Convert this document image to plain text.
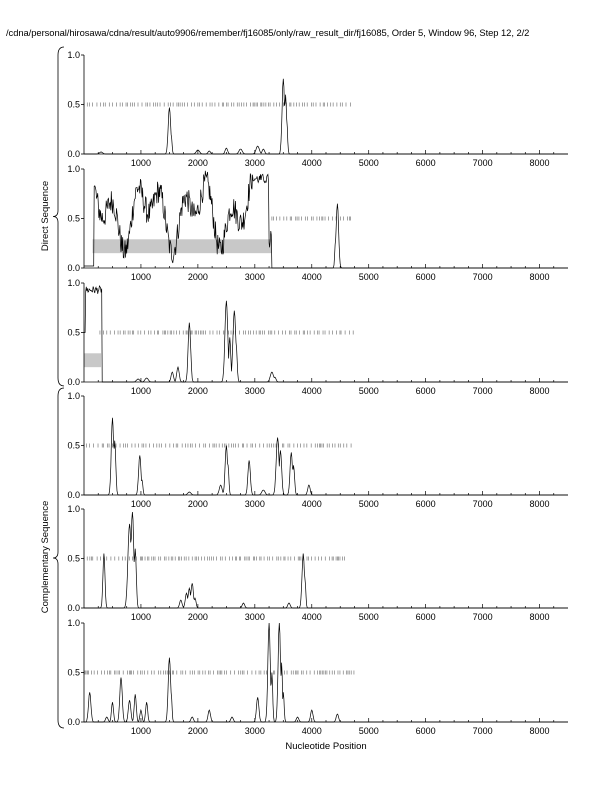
/cdna/personal/hirosawa/cdna/result/auto9906/remember/fj16085/only/raw_result_dir/fj16085, Order 5, Window 96, Step 12, 2/2
0.0
0.5
1.0
1000	2000	3000	4000	5000	6000	7000	8000
0.0
0.5
1.0
1000	2000	3000	4000	5000	6000	7000	8000
0.0
0.5
1.0
1000	2000	3000	4000	5000	6000	7000	8000
0.0
0.5
1.0
1000	2000	3000	4000	5000	6000	7000	8000
0.0
0.5
1.0
1000	2000	3000	4000	5000	6000	7000	8000
0.0
0.5
1.0
1000	2000	3000	4000	5000	6000	7000	8000
Nucleotide Position
Direct Sequence
Complementary Sequence
